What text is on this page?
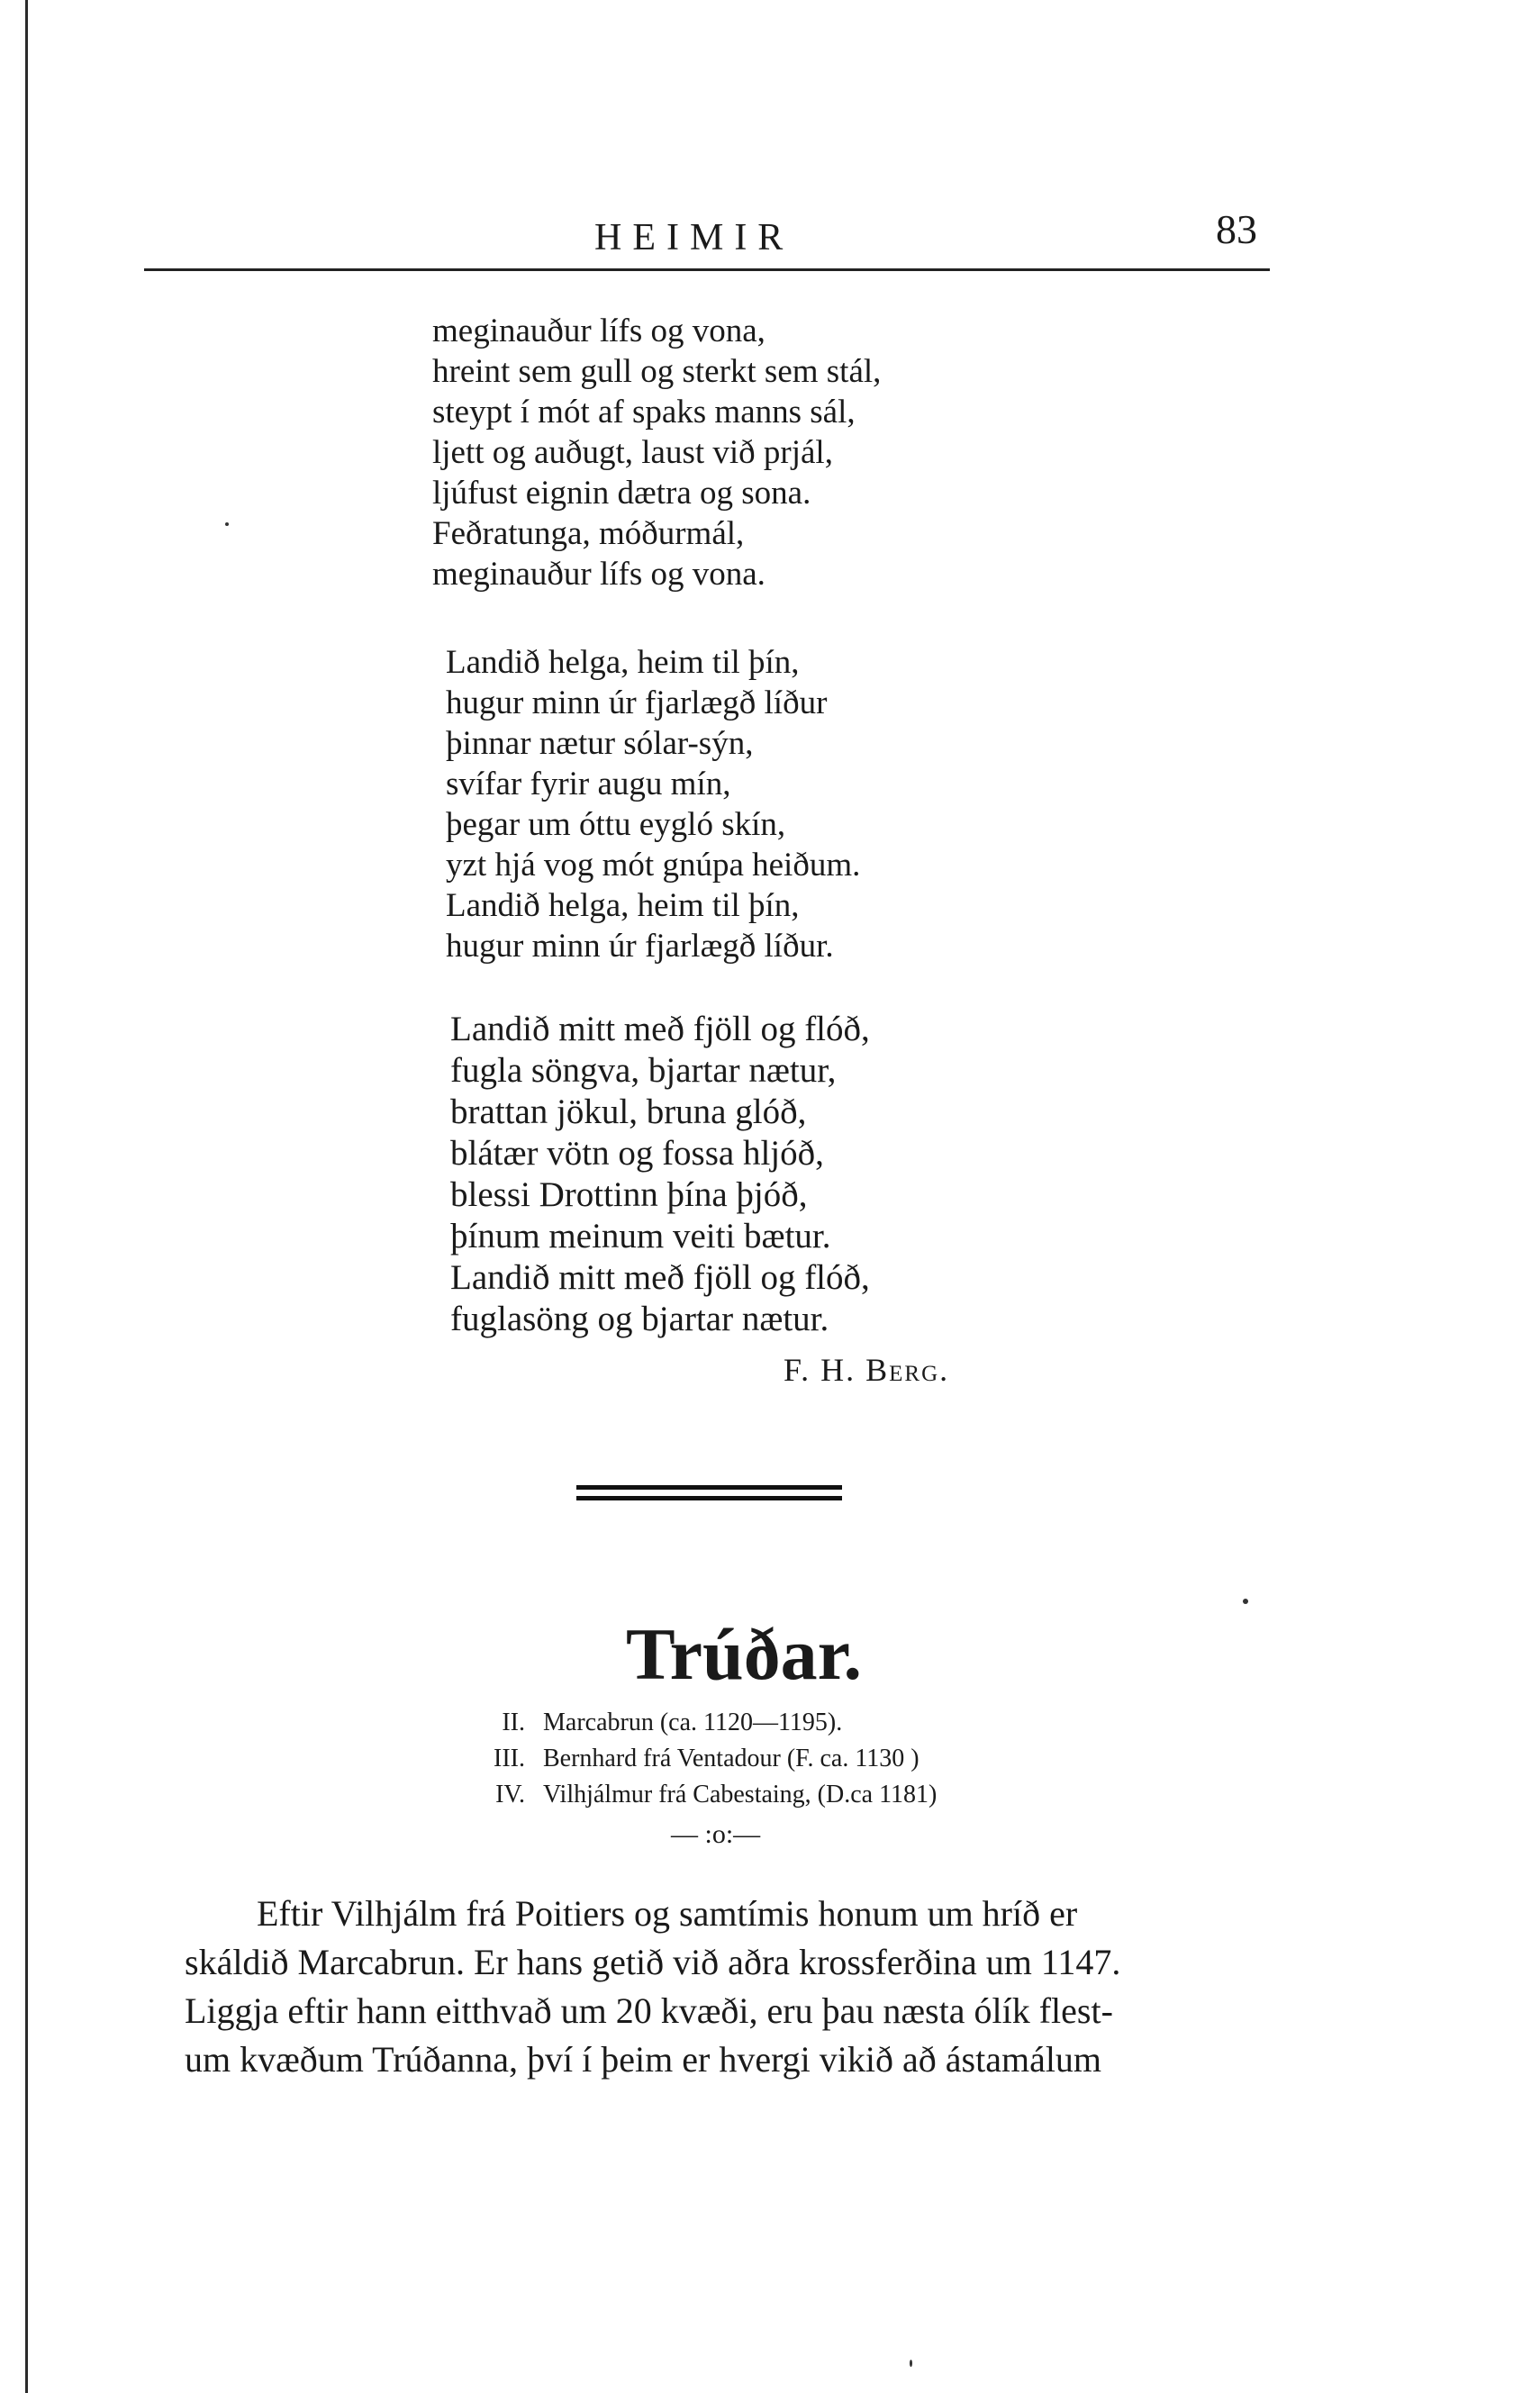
HEIMIR	83
meginauður lífs og vona,
hreint sem gull og sterkt sem stál,
steypt í mót af spaks manns sál,
ljett og auðugt, laust við prjál,
ljúfust eignin dætra og sona.
Feðratunga, móðurmál,
meginauður lífs og vona.
Landið helga, heim til þín,
hugur minn úr fjarlægð líður
þinnar nætur sólar-sýn,
svífar fyrir augu mín,
þegar um óttu eygló skín,
yzt hjá vog mót gnúpa heiðum.
Landið helga, heim til þín,
hugur minn úr fjarlægð líður.
Landið mitt með fjöll og flóð,
fugla söngva, bjartar nætur,
brattan jökul, bruna glóð,
blátær vötn og fossa hljóð,
blessi Drottinn þína þjóð,
þínum meinum veiti bætur.
Landið mitt með fjöll og flóð,
fuglasöng og bjartar nætur.
F. H. Berg.
Trúðar.
II. Marcabrun (ca. 1120—1195).
III. Bernhard frá Ventadour (F. ca. 1130 )
IV. Vilhjálmur frá Cabestaing, (D.ca 1181)
— :o:—
Eftir Vilhjálm frá Poitiers og samtímis honum um hríð er
skáldið Marcabrun. Er hans getið við aðra krossferðina um 1147.
Liggja eftir hann eitthvað um 20 kvæði, eru þau næsta ólík flest-
um kvæðum Trúðanna, því í þeim er hvergi vikið að ástamálum
